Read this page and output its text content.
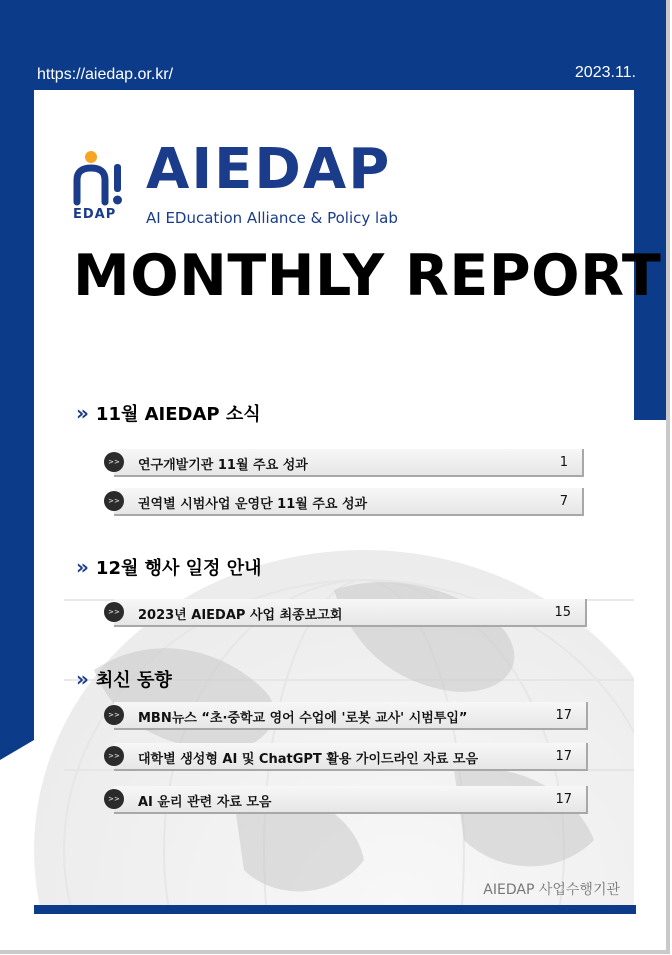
https://aiedap.or.kr/	2023.11.
EDAP
AIEDAP
AI EDucation Alliance & Policy lab
MONTHLY REPORT
» 11월 AIEDAP 소식
>>	연구개발기관 11월 주요 성과	1
>>	권역별 시범사업 운영단 11월 주요 성과	7
» 12월 행사 일정 안내
>>	2023년 AIEDAP 사업 최종보고회	15
» 최신 동향
>>	MBN뉴스 “초·중학교 영어 수업에 '로봇 교사' 시범투입”	17
>>	대학별 생성형 AI 및 ChatGPT 활용 가이드라인 자료 모음	17
>>	AI 윤리 관련 자료 모음	17
AIEDAP 사업수행기관
